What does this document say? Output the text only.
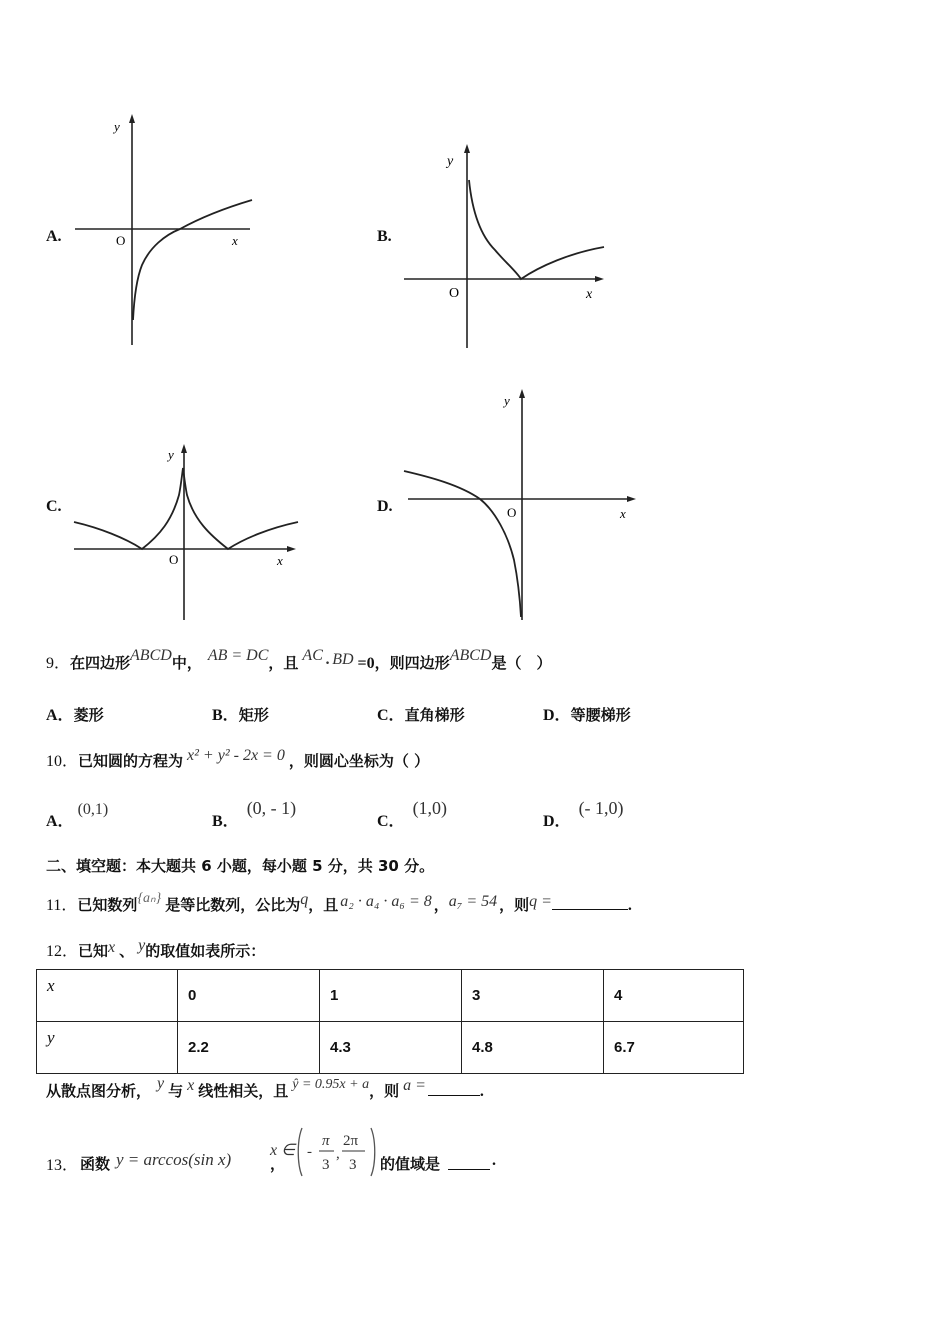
A.
y
O	x	B.
y
O	x
C.
y
O	x
D.
y
O	x
9． 在四边形 ABCD 中， AB = DC ，且 AC · BD =0 ，则四边形 ABCD 是（　）
A． 菱形	B． 矩形	C． 直角梯形	D． 等腰梯形
10． 已知圆的方程为 x² + y² - 2x = 0 ，则圆心坐标为（ ）
A．(0,1)
B．(0, - 1)
C．(1,0)
D．(- 1,0)
二、填空题：本大题共 6 小题，每小题 5 分，共 30 分。
11． 已知数列 {aₙ} 是等比数列，公比为 q ，且 a₂ · a₄ · a₆ = 8 ， a₇ = 54 ，则 q =	.
12． 已知 x 、 y 的取值如表所示：
x	0	1	3	4
y	2.2	4.3	4.8	6.7
从散点图分析， y 与 x 线性相关，且 ŷ = 0.95x + a ，则 a =	.
13． 函数 y = arccos(sin x)	，
x ∈ -
π
3
,
2π
3 的值域是	.
